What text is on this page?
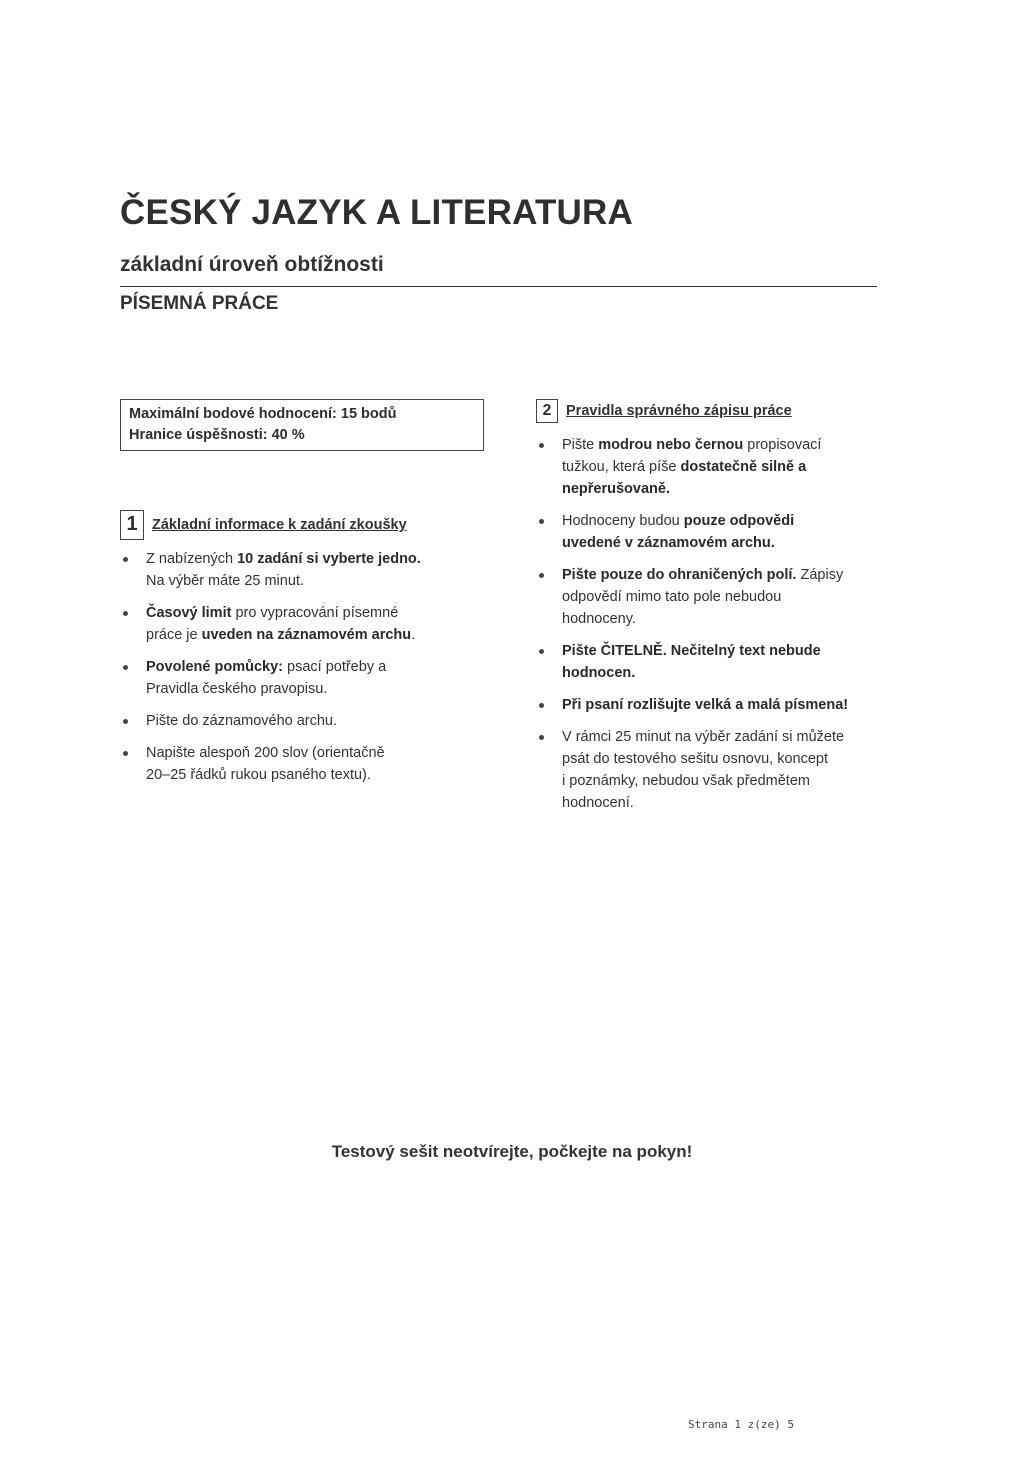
ČESKÝ JAZYK A LITERATURA
základní úroveň obtížnosti
PÍSEMNÁ PRÁCE
Maximální bodové hodnocení: 15 bodů
Hranice úspěšnosti: 40 %
1 Základní informace k zadání zkoušky
Z nabízených 10 zadání si vyberte jedno.
Na výběr máte 25 minut.
Časový limit pro vypracování písemné
práce je uveden na záznamovém archu.
Povolené pomůcky: psací potřeby a
Pravidla českého pravopisu.
Pište do záznamového archu.
Napište alespoň 200 slov (orientačně
20–25 řádků rukou psaného textu).
2	Pravidla správného zápisu práce
Pište modrou nebo černou propisovací
tužkou, která píše dostatečně silně a
nepřerušovaně.
Hodnoceny budou pouze odpovědi
uvedené v záznamovém archu.
Pište pouze do ohraničených polí. Zápisy
odpovědí mimo tato pole nebudou
hodnoceny.
Pište ČITELNĚ. Nečitelný text nebude
hodnocen.
Při psaní rozlišujte velká a malá písmena!
V rámci 25 minut na výběr zadání si můžete
psát do testového sešitu osnovu, koncept
i poznámky, nebudou však předmětem
hodnocení.
Testový sešit neotvírejte, počkejte na pokyn!
Strana 1 z(ze) 5
